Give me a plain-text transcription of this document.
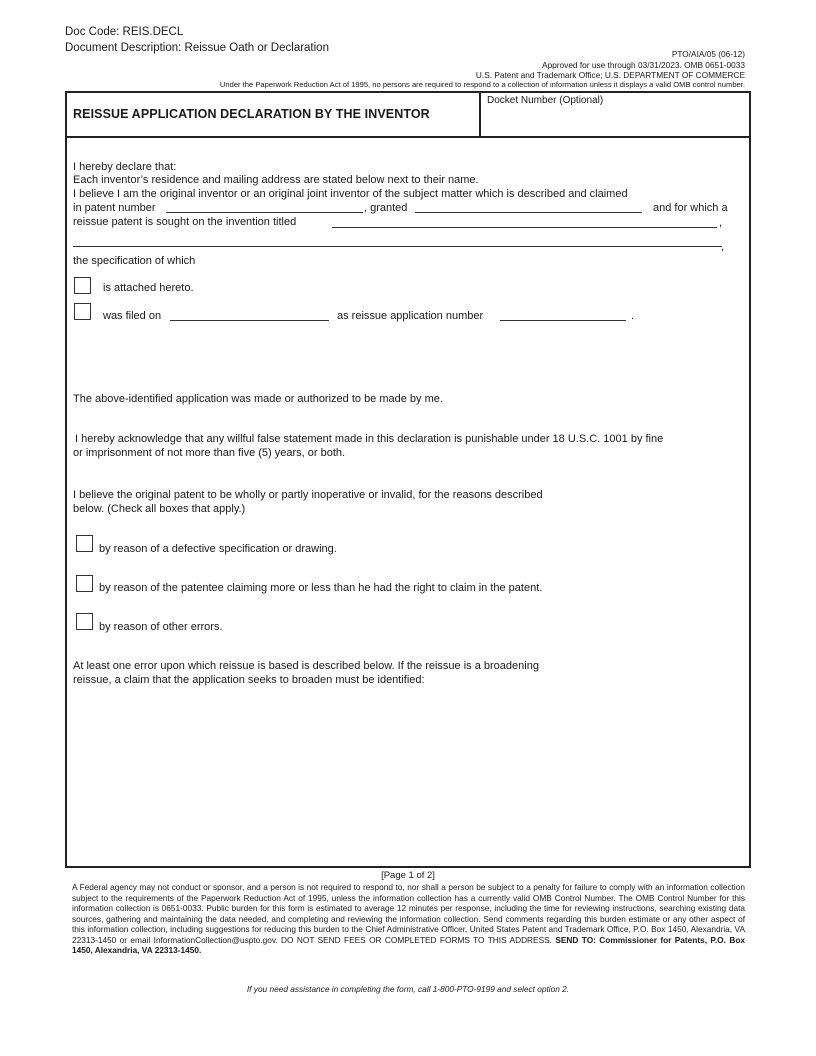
Doc Code: REIS.DECL
Document Description: Reissue Oath or Declaration	PTO/AIA/05 (06-12)
Approved for use through 03/31/2023. OMB 0651-0033
U.S. Patent and Trademark Office; U.S. DEPARTMENT OF COMMERCE
Under the Paperwork Reduction Act of 1995, no persons are required to respond to a collection of information unless it displays a valid OMB control number.
REISSUE APPLICATION DECLARATION BY THE INVENTOR
Docket Number (Optional)
I hereby declare that:
Each inventor’s residence and mailing address are stated below next to their name.
I believe I am the original inventor or an original joint inventor of the subject matter which is described and claimed
in patent number	, granted	and for which a
reissue patent is sought on the invention titled	,
,
the specification of which
is attached hereto.
was filed on	as reissue application number	.
The above-identified application was made or authorized to be made by me.
I hereby acknowledge that any willful false statement made in this declaration is punishable under 18 U.S.C. 1001 by fine
or imprisonment of not more than five (5) years, or both.
I believe the original patent to be wholly or partly inoperative or invalid, for the reasons described
below. (Check all boxes that apply.)
by reason of a defective specification or drawing.
by reason of the patentee claiming more or less than he had the right to claim in the patent.
by reason of other errors.
At least one error upon which reissue is based is described below. If the reissue is a broadening
reissue, a claim that the application seeks to broaden must be identified:
[Page 1 of 2]
A Federal agency may not conduct or sponsor, and a person is not required to respond to, nor shall a person be subject to a penalty for failure to comply with an information collection subject to the requirements of the Paperwork Reduction Act of 1995, unless the information collection has a currently valid OMB Control Number. The OMB Control Number for this information collection is 0651-0033. Public burden for this form is estimated to average 12 minutes per response, including the time for reviewing instructions, searching existing data sources, gathering and maintaining the data needed, and completing and reviewing the information collection. Send comments regarding this burden estimate or any other aspect of this information collection, including suggestions for reducing this burden to the Chief Administrative Officer, United States Patent and Trademark Office, P.O. Box 1450, Alexandria, VA 22313-1450 or email InformationCollection@uspto.gov. DO NOT SEND FEES OR COMPLETED FORMS TO THIS ADDRESS. SEND TO: Commissioner for Patents, P.O. Box 1450, Alexandria, VA 22313-1450.
If you need assistance in completing the form, call 1-800-PTO-9199 and select option 2.
